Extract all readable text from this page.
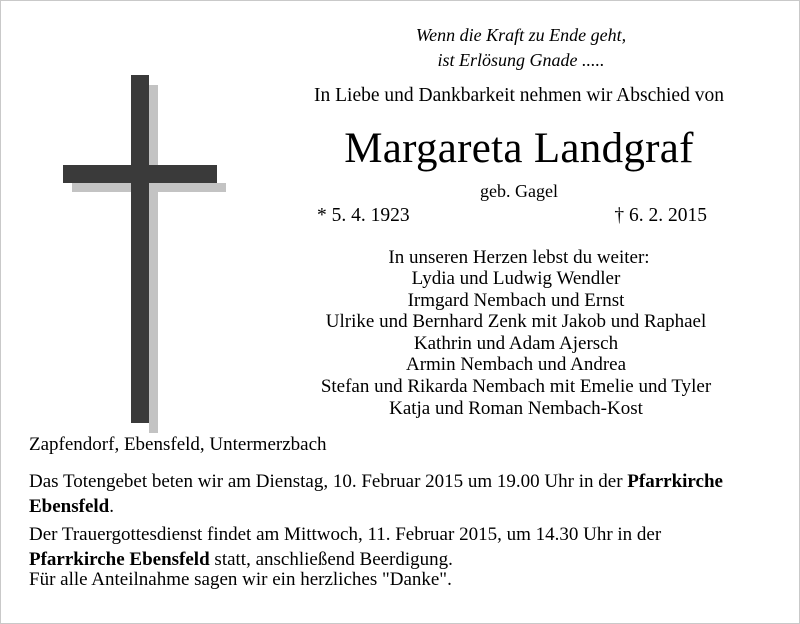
Wenn die Kraft zu Ende geht,
ist Erlösung Gnade .....
In Liebe und Dankbarkeit nehmen wir Abschied von
Margareta Landgraf
geb. Gagel
* 5. 4. 1923	† 6. 2. 2015
In unseren Herzen lebst du weiter:
Lydia und Ludwig Wendler
Irmgard Nembach und Ernst
Ulrike und Bernhard Zenk mit Jakob und Raphael
Kathrin und Adam Ajersch
Armin Nembach und Andrea
Stefan und Rikarda Nembach mit Emelie und Tyler
Katja und Roman Nembach-Kost
Zapfendorf, Ebensfeld, Untermerzbach
Das Totengebet beten wir am Dienstag, 10. Februar 2015 um 19.00 Uhr in der Pfarrkirche Ebensfeld.
Der Trauergottesdienst findet am Mittwoch, 11. Februar 2015, um 14.30 Uhr in der Pfarrkirche Ebensfeld statt, anschließend Beerdigung.
Für alle Anteilnahme sagen wir ein herzliches "Danke".
